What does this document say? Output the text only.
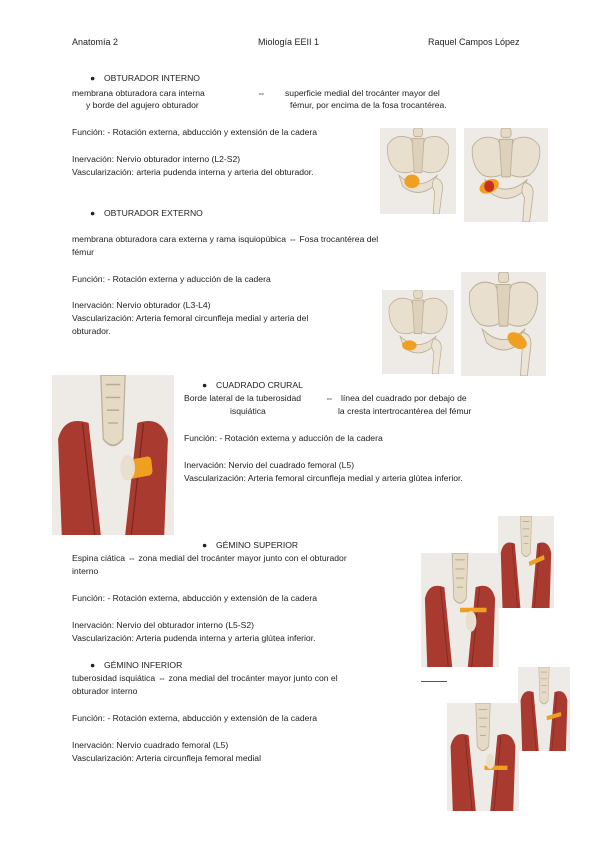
Anatomía 2	Miología EEII 1	Raquel Campos López
● OBTURADOR INTERNO
membrana obturadora cara interna
y borde del agujero obturador
⇔ superficie medial del trocánter mayor del
fémur, por encima de la fosa trocantérea.
Función: - Rotación externa, abducción y extensión de la cadera
Inervación: Nervio obturador interno (L2-S2)
Vascularización: arteria pudenda interna y arteria del obturador.
● OBTURADOR EXTERNO
membrana obturadora cara externa y rama isquiopúbica ⇔ Fosa trocantérea del
fémur
Función: - Rotación externa y aducción de la cadera
Inervación: Nervio obturador (L3-L4)
Vascularización: Arteria femoral circunfleja medial y arteria del
obturador.
● CUADRADO CRURAL
Borde lateral de la tuberosidad
isquiática
⇔ línea del cuadrado por debajo de
la cresta intertrocantérea del fémur
Función: - Rotación externa y aducción de la cadera
Inervación: Nervio del cuadrado femoral (L5)
Vascularización: Arteria femoral circunfleja medial y arteria glútea inferior.
● GÉMINO SUPERIOR
Espina ciática ⇔ zona medial del trocánter mayor junto con el obturador
interno
Función: - Rotación externa, abducción y extensión de la cadera
Inervación: Nervio del obturador interno (L5-S2)
Vascularización: Arteria pudenda interna y arteria glútea inferior.
● GÉMINO INFERIOR
tuberosidad isquiática ⇔ zona medial del trocánter mayor junto con el
obturador interno
Función: - Rotación externa, abducción y extensión de la cadera
Inervación: Nervio cuadrado femoral (L5)
Vascularización: Arteria circunfleja femoral medial
